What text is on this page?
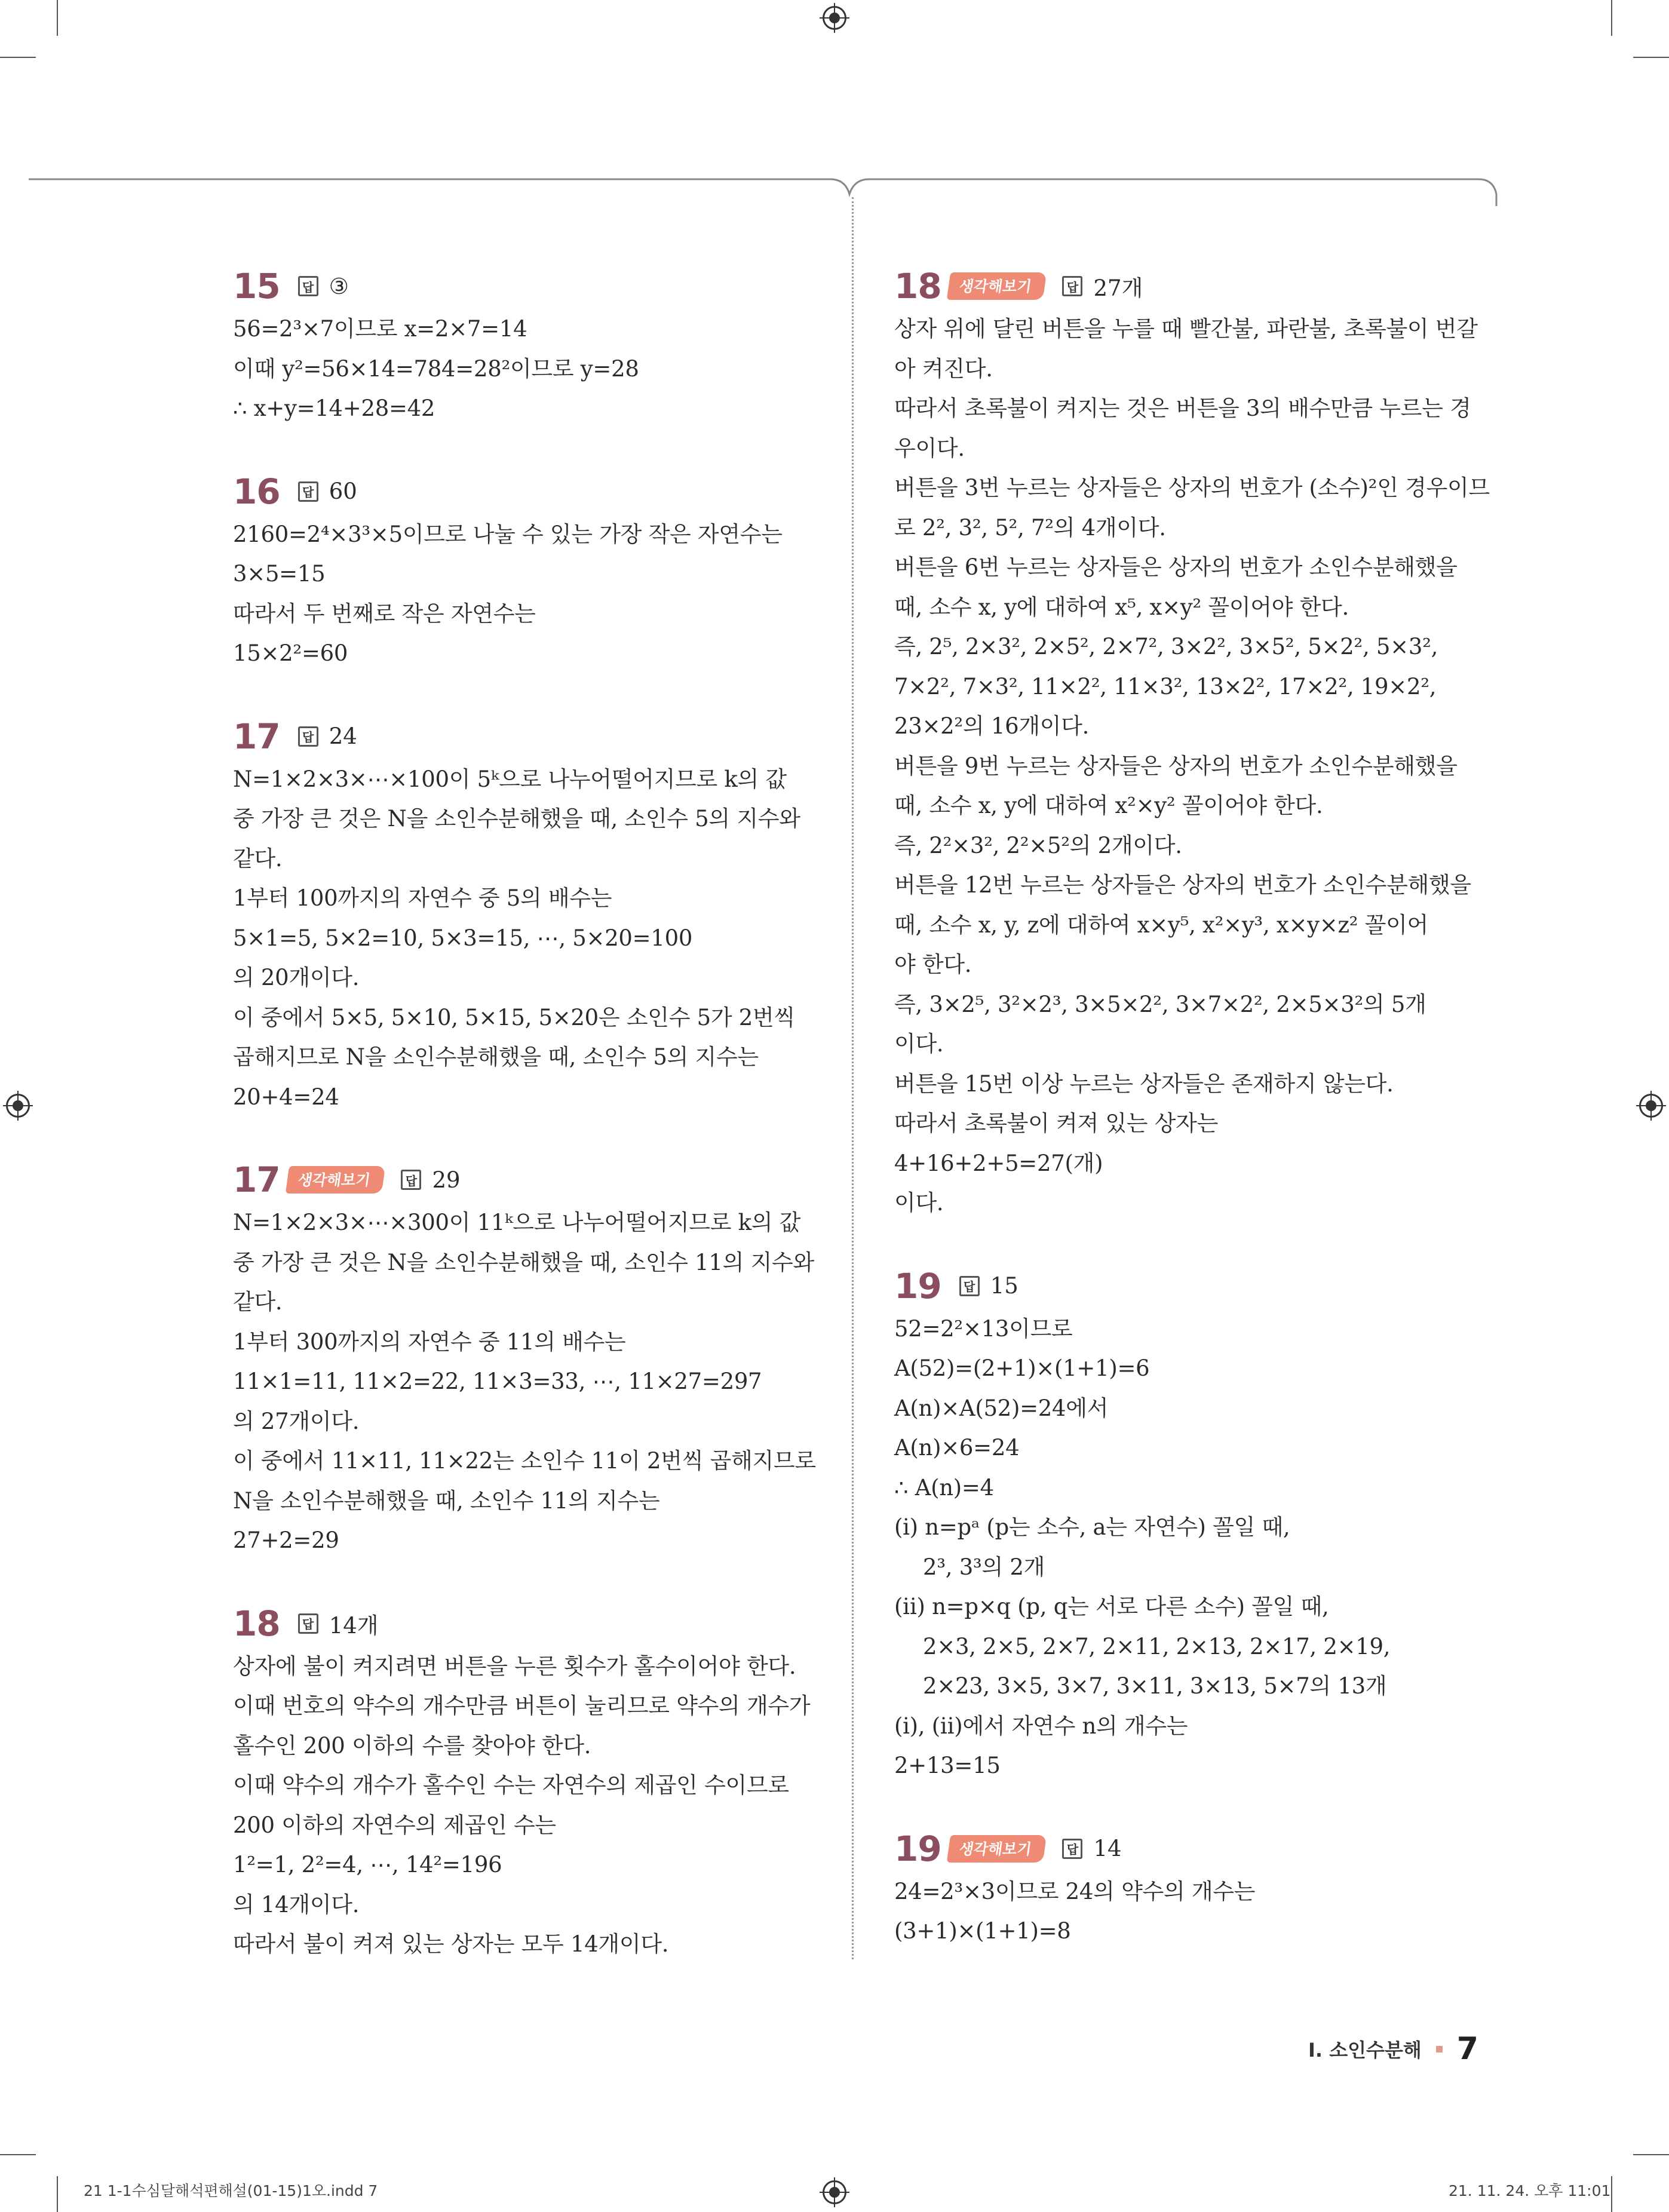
15	답 ③
56=2³×7이므로 x=2×7=14
이때 y²=56×14=784=28²이므로 y=28
∴ x+y=14+28=42
16	답 60
2160=2⁴×3³×5이므로 나눌 수 있는 가장 작은 자연수는
3×5=15
따라서 두 번째로 작은 자연수는
15×2²=60
17	답 24
N=1×2×3×⋯×100이 5ᵏ으로 나누어떨어지므로 k의 값
중 가장 큰 것은 N을 소인수분해했을 때, 소인수 5의 지수와
같다.
1부터 100까지의 자연수 중 5의 배수는
5×1=5, 5×2=10, 5×3=15, ⋯, 5×20=100
의 20개이다.
이 중에서 5×5, 5×10, 5×15, 5×20은 소인수 5가 2번씩
곱해지므로 N을 소인수분해했을 때, 소인수 5의 지수는
20+4=24
17	생각해보기	답 29
N=1×2×3×⋯×300이 11ᵏ으로 나누어떨어지므로 k의 값
중 가장 큰 것은 N을 소인수분해했을 때, 소인수 11의 지수와
같다.
1부터 300까지의 자연수 중 11의 배수는
11×1=11, 11×2=22, 11×3=33, ⋯, 11×27=297
의 27개이다.
이 중에서 11×11, 11×22는 소인수 11이 2번씩 곱해지므로
N을 소인수분해했을 때, 소인수 11의 지수는
27+2=29
18	답 14개
상자에 불이 켜지려면 버튼을 누른 횟수가 홀수이어야 한다.
이때 번호의 약수의 개수만큼 버튼이 눌리므로 약수의 개수가
홀수인 200 이하의 수를 찾아야 한다.
이때 약수의 개수가 홀수인 수는 자연수의 제곱인 수이므로
200 이하의 자연수의 제곱인 수는
1²=1, 2²=4, ⋯, 14²=196
의 14개이다.
따라서 불이 켜져 있는 상자는 모두 14개이다.
18	생각해보기	답 27개
상자 위에 달린 버튼을 누를 때 빨간불, 파란불, 초록불이 번갈
아 켜진다.
따라서 초록불이 켜지는 것은 버튼을 3의 배수만큼 누르는 경
우이다.
버튼을 3번 누르는 상자들은 상자의 번호가 (소수)²인 경우이므
로 2², 3², 5², 7²의 4개이다.
버튼을 6번 누르는 상자들은 상자의 번호가 소인수분해했을
때, 소수 x, y에 대하여 x⁵, x×y² 꼴이어야 한다.
즉, 2⁵, 2×3², 2×5², 2×7², 3×2², 3×5², 5×2², 5×3²,
7×2², 7×3², 11×2², 11×3², 13×2², 17×2², 19×2²,
23×2²의 16개이다.
버튼을 9번 누르는 상자들은 상자의 번호가 소인수분해했을
때, 소수 x, y에 대하여 x²×y² 꼴이어야 한다.
즉, 2²×3², 2²×5²의 2개이다.
버튼을 12번 누르는 상자들은 상자의 번호가 소인수분해했을
때, 소수 x, y, z에 대하여 x×y⁵, x²×y³, x×y×z² 꼴이어
야 한다.
즉, 3×2⁵, 3²×2³, 3×5×2², 3×7×2², 2×5×3²의 5개
이다.
버튼을 15번 이상 누르는 상자들은 존재하지 않는다.
따라서 초록불이 켜져 있는 상자는
4+16+2+5=27(개)
이다.
19	답 15
52=2²×13이므로
A(52)=(2+1)×(1+1)=6
A(n)×A(52)=24에서
A(n)×6=24
∴ A(n)=4
(ⅰ) n=pᵃ (p는 소수, a는 자연수) 꼴일 때,
2³, 3³의 2개
(ⅱ) n=p×q (p, q는 서로 다른 소수) 꼴일 때,
2×3, 2×5, 2×7, 2×11, 2×13, 2×17, 2×19,
2×23, 3×5, 3×7, 3×11, 3×13, 5×7의 13개
(ⅰ), (ⅱ)에서 자연수 n의 개수는
2+13=15
19	생각해보기	답 14
24=2³×3이므로 24의 약수의 개수는
(3+1)×(1+1)=8
Ⅰ. 소인수분해 7
21 1-1수심달해석편해설(01-15)1오.indd 7	21. 11. 24. 오후 11:01
